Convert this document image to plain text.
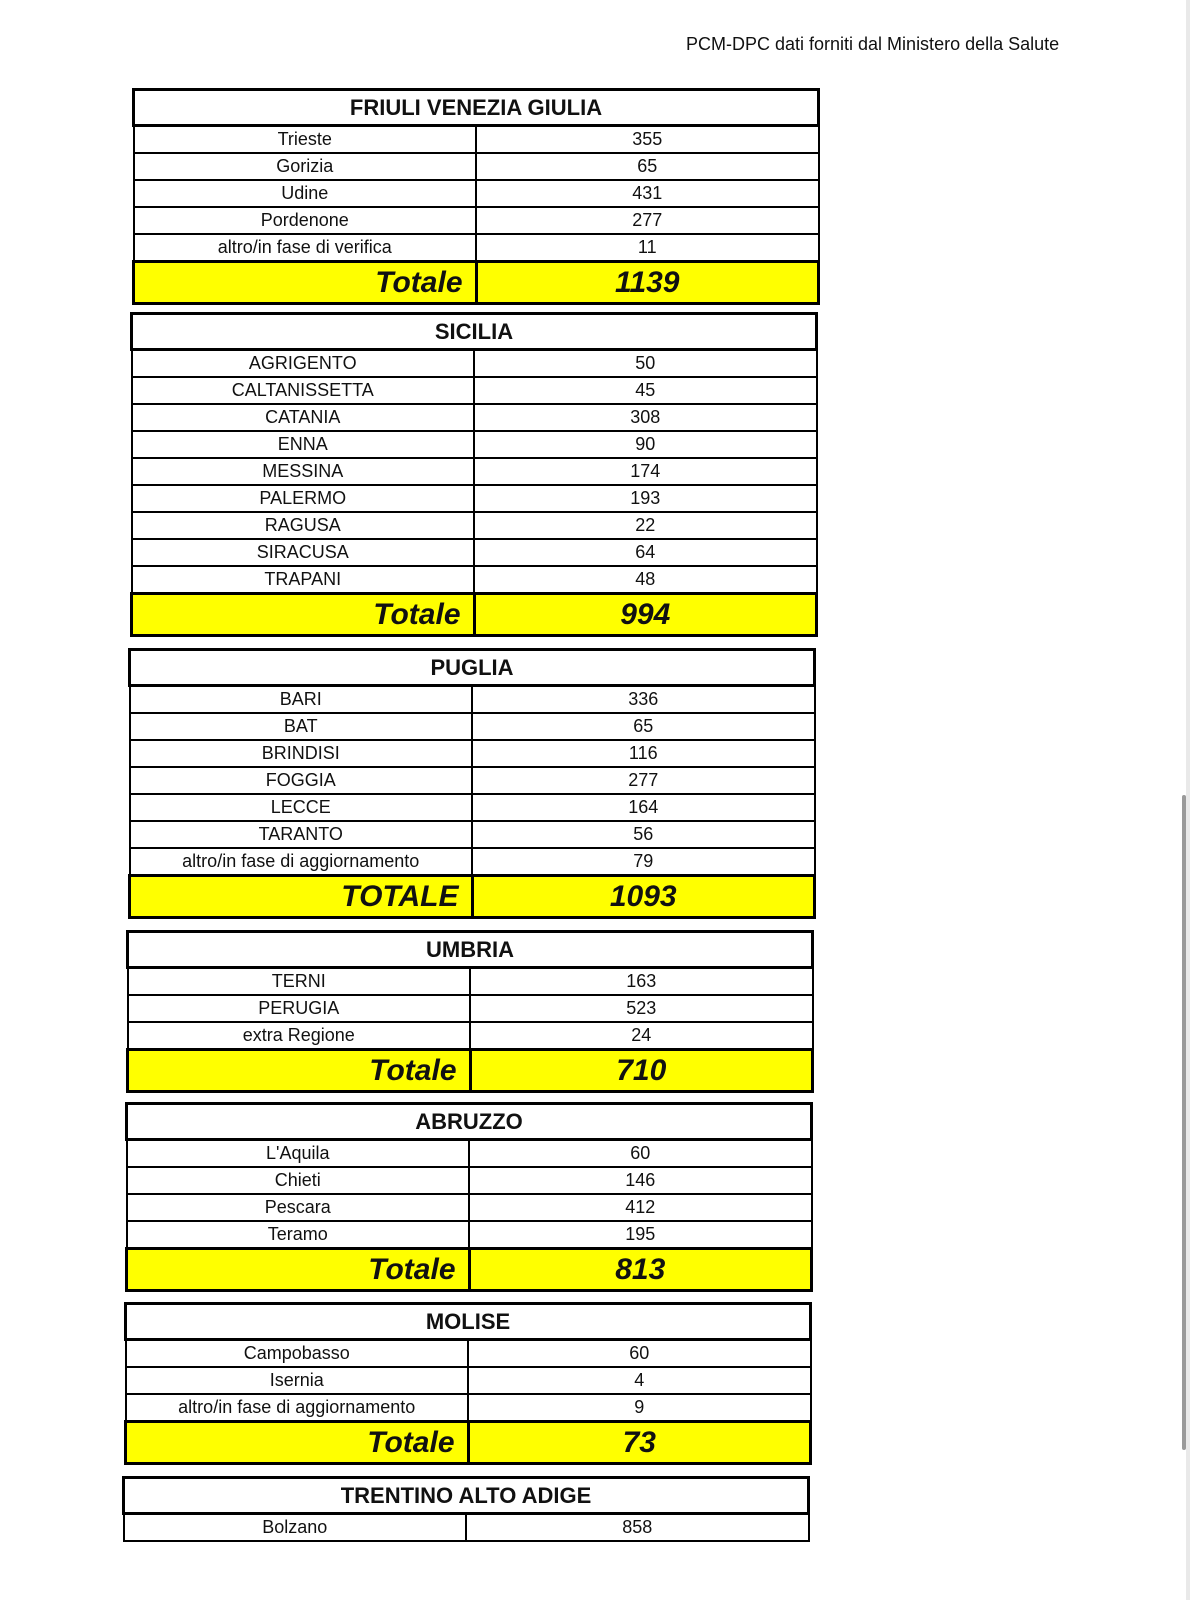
PCM-DPC dati forniti dal Ministero della Salute
FRIULI VENEZIA GIULIA	
Trieste	355
Gorizia	65
Udine	431
Pordenone	277
altro/in fase di verifica	11
Totale	1139
SICILIA	
AGRIGENTO	50
CALTANISSETTA	45
CATANIA	308
ENNA	90
MESSINA	174
PALERMO	193
RAGUSA	22
SIRACUSA	64
TRAPANI	48
Totale	994
PUGLIA	
BARI	336
BAT	65
BRINDISI	116
FOGGIA	277
LECCE	164
TARANTO	56
altro/in fase di aggiornamento	79
TOTALE	1093
UMBRIA	
TERNI	163
PERUGIA	523
extra Regione	24
Totale	710
ABRUZZO	
L'Aquila	60
Chieti	146
Pescara	412
Teramo	195
Totale	813
MOLISE	
Campobasso	60
Isernia	4
altro/in fase di aggiornamento	9
Totale	73
TRENTINO ALTO ADIGE
Bolzano	858
